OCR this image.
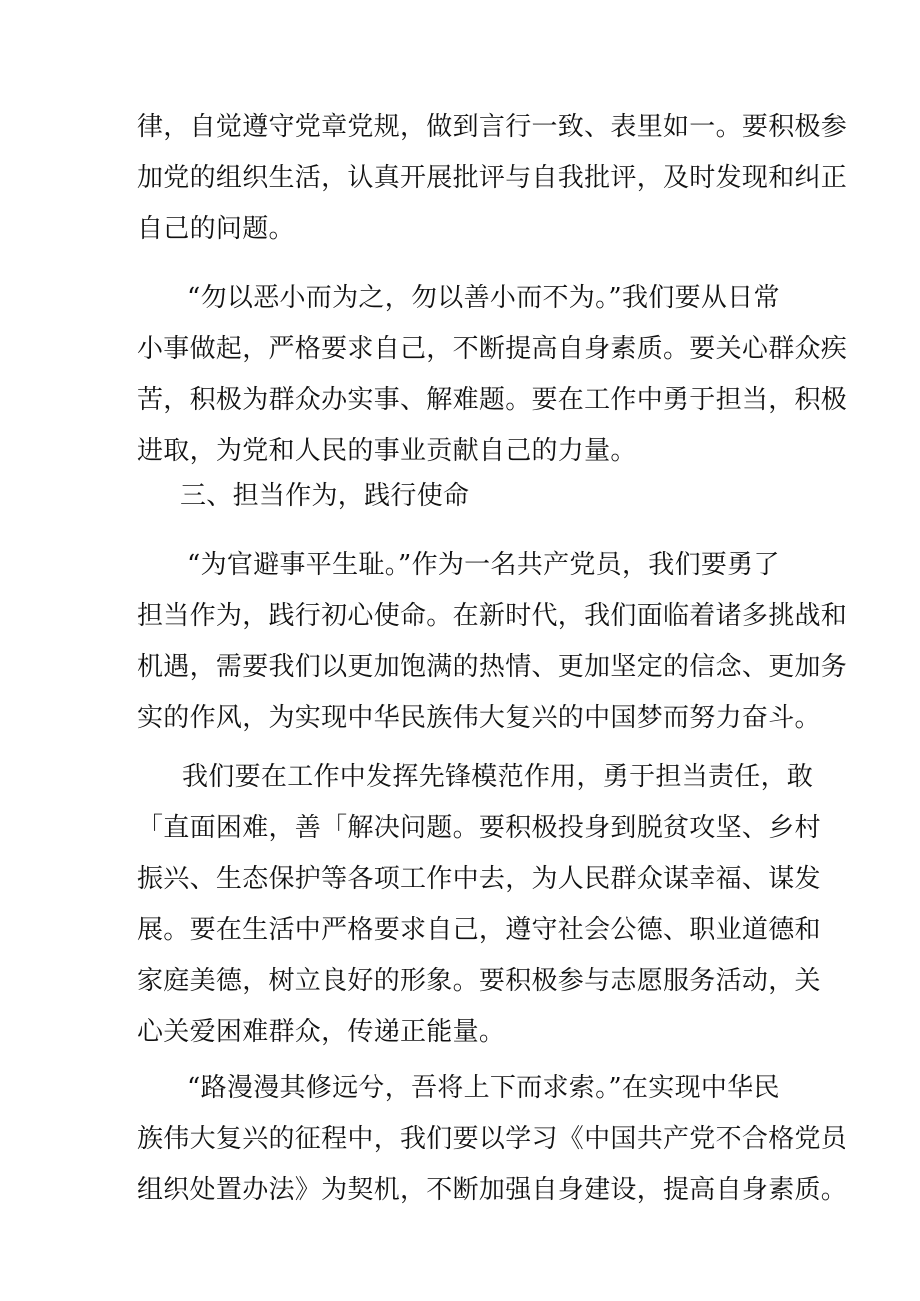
律，自觉遵守党章党规，做到言行一致、表里如一。要积极参
加党的组织生活，认真开展批评与自我批评，及时发现和纠正
自己的问题。
“勿以恶小而为之，勿以善小而不为。”我们要从日常
小事做起，严格要求自己，不断提高自身素质。要关心群众疾
苦，积极为群众办实事、解难题。要在工作中勇于担当，积极
进取，为党和人民的事业贡献自己的力量。
三、担当作为，践行使命
“为官避事平生耻。”作为一名共产党员，我们要勇了
担当作为，践行初心使命。在新时代，我们面临着诸多挑战和
机遇，需要我们以更加饱满的热情、更加坚定的信念、更加务
实的作风，为实现中华民族伟大复兴的中国梦而努力奋斗。
我们要在工作中发挥先锋模范作用，勇于担当责任，敢
「直面困难，善「解决问题。要积极投身到脱贫攻坚、乡村
振兴、生态保护等各项工作中去，为人民群众谋幸福、谋发
展。要在生活中严格要求自己，遵守社会公德、职业道德和
家庭美德，树立良好的形象。要积极参与志愿服务活动，关
心关爱困难群众，传递正能量。
“路漫漫其修远兮，吾将上下而求索。”在实现中华民
族伟大复兴的征程中，我们要以学习《中国共产党不合格党员
组织处置办法》为契机，不断加强自身建设，提高自身素质。
